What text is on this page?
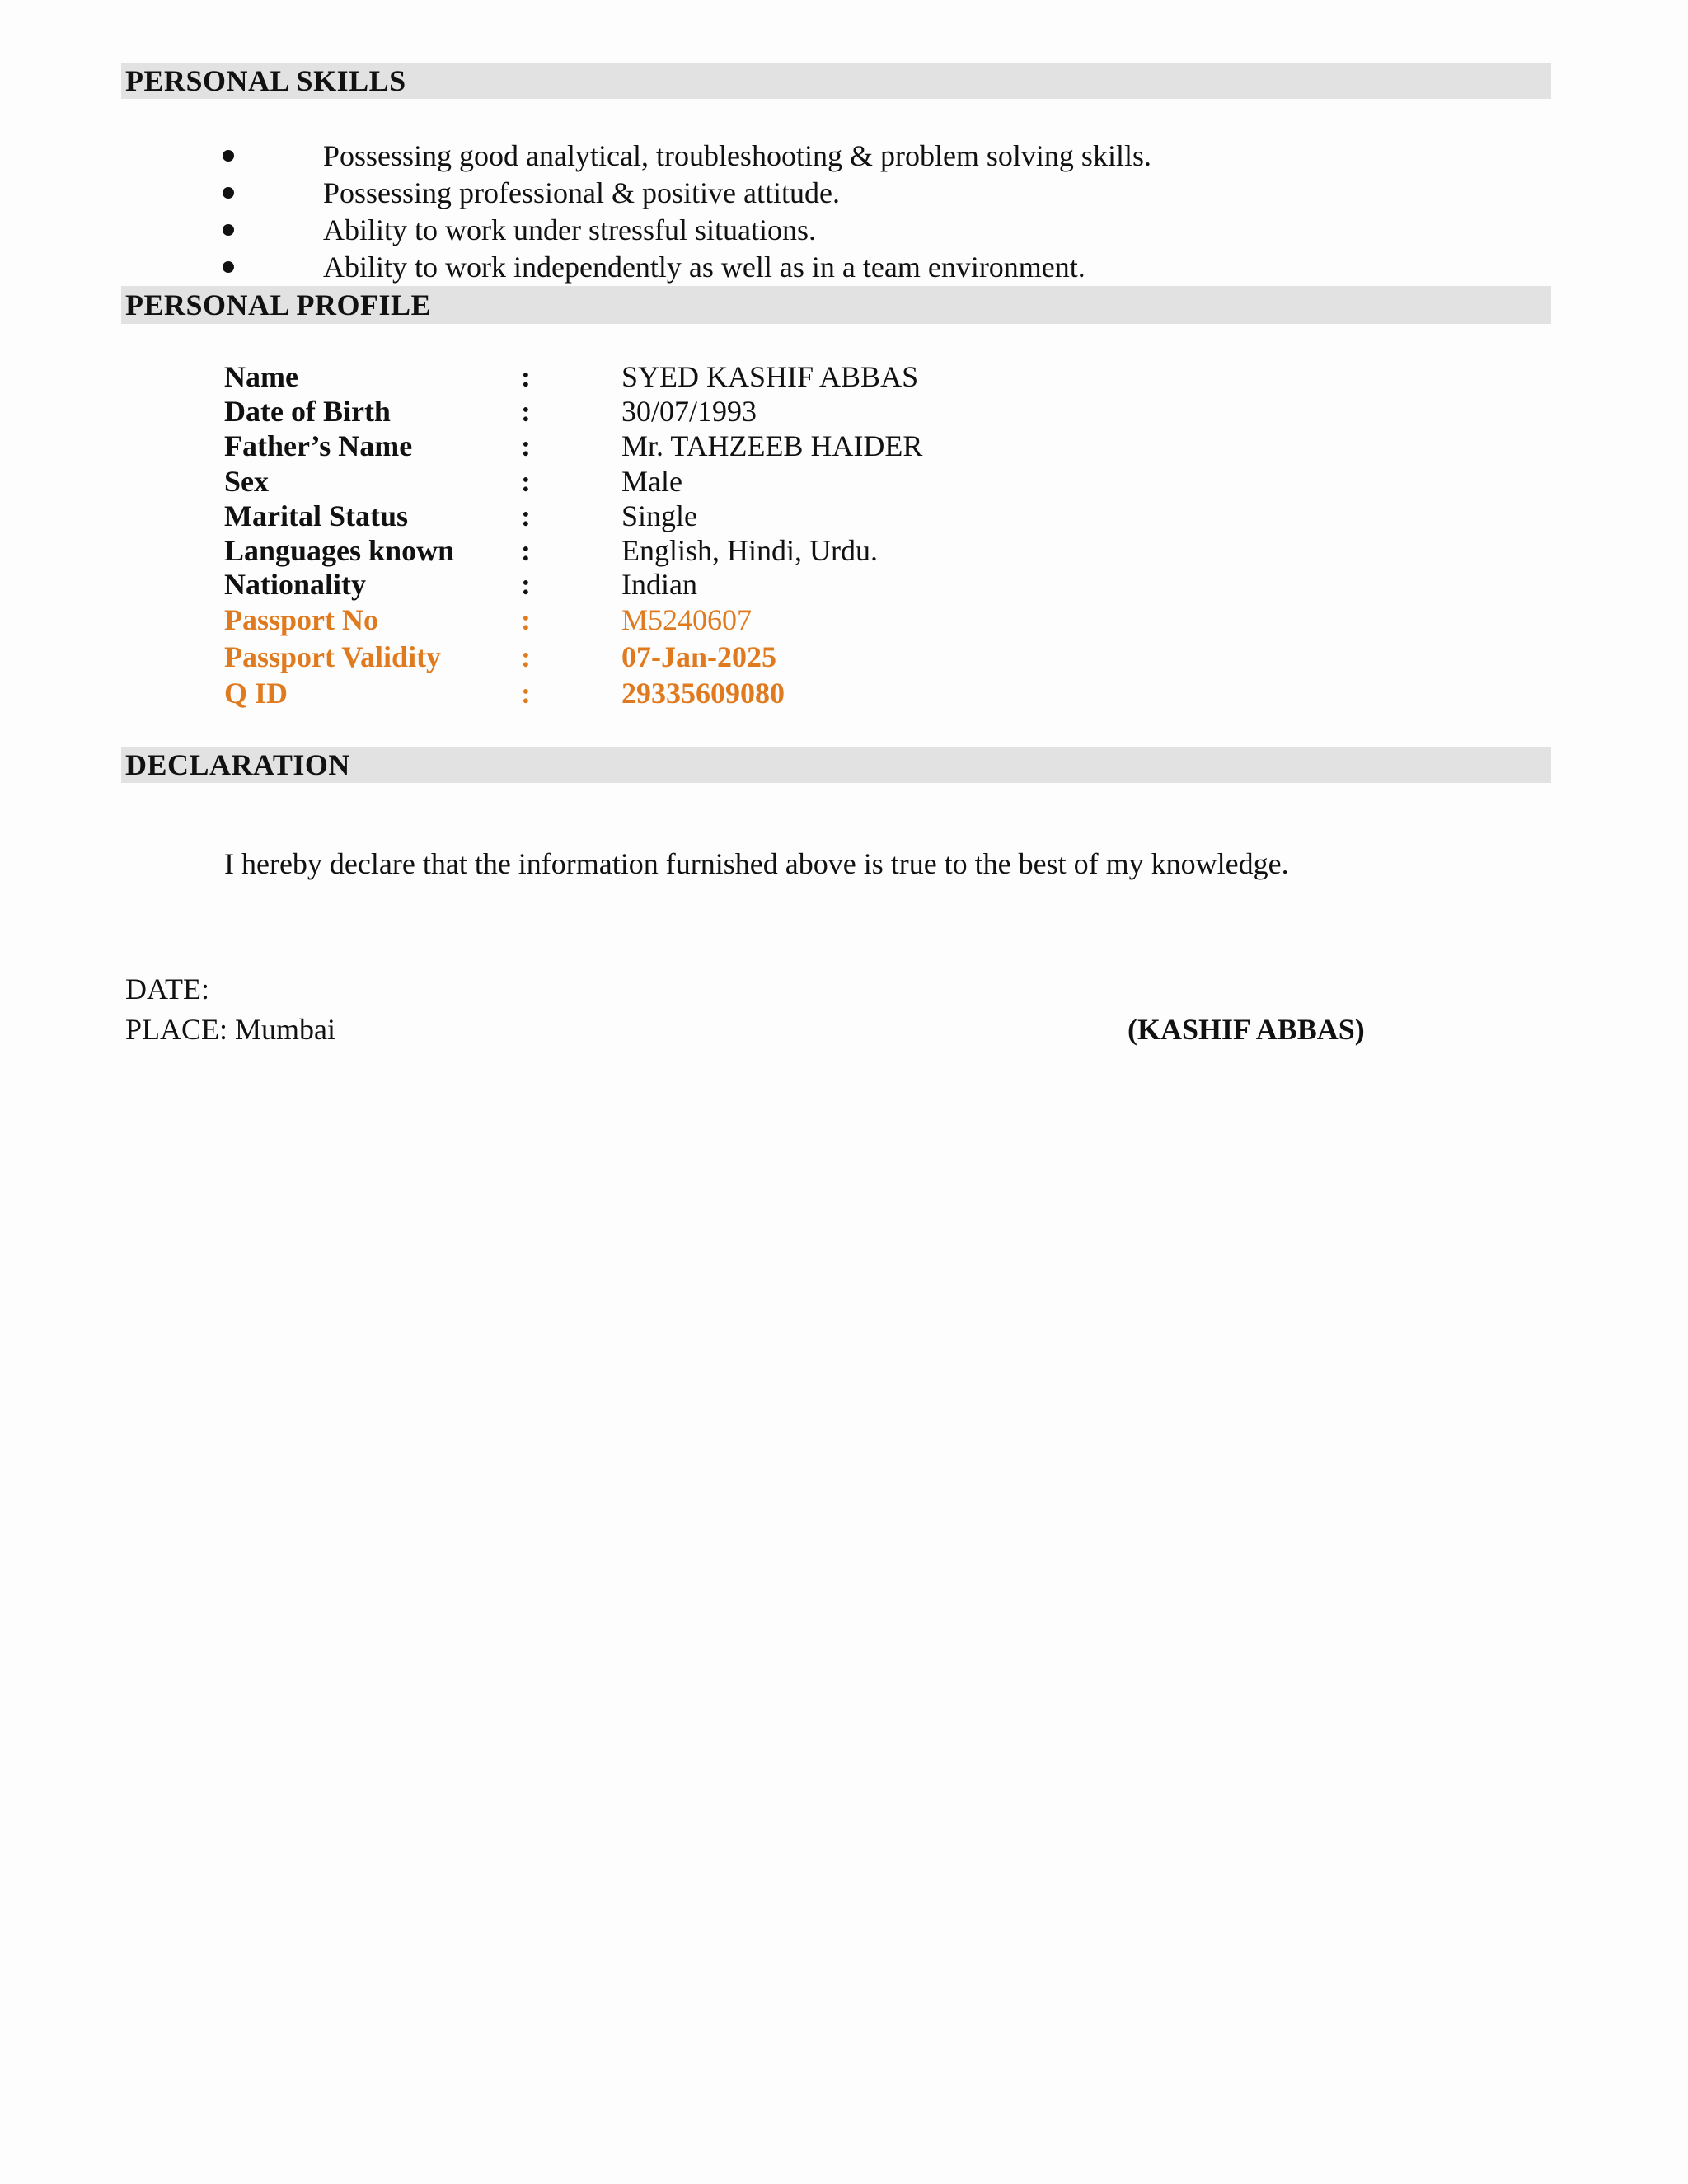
PERSONAL SKILLS
Possessing good analytical, troubleshooting & problem solving skills.
Possessing professional & positive attitude.
Ability to work under stressful situations.
Ability to work independently as well as in a team environment.
PERSONAL PROFILE
Name	:	SYED KASHIF ABBAS
Date of Birth	:	30/07/1993
Father’s Name	:	Mr. TAHZEEB HAIDER
Sex	:	Male
Marital Status	:	Single
Languages known :	English, Hindi, Urdu.
Nationality	:	Indian
Passport No	:	M5240607
Passport Validity	:	07-Jan-2025
Q ID	:	29335609080
DECLARATION
I hereby declare that the information furnished above is true to the best of my knowledge.
DATE:
PLACE: Mumbai	(KASHIF ABBAS)
